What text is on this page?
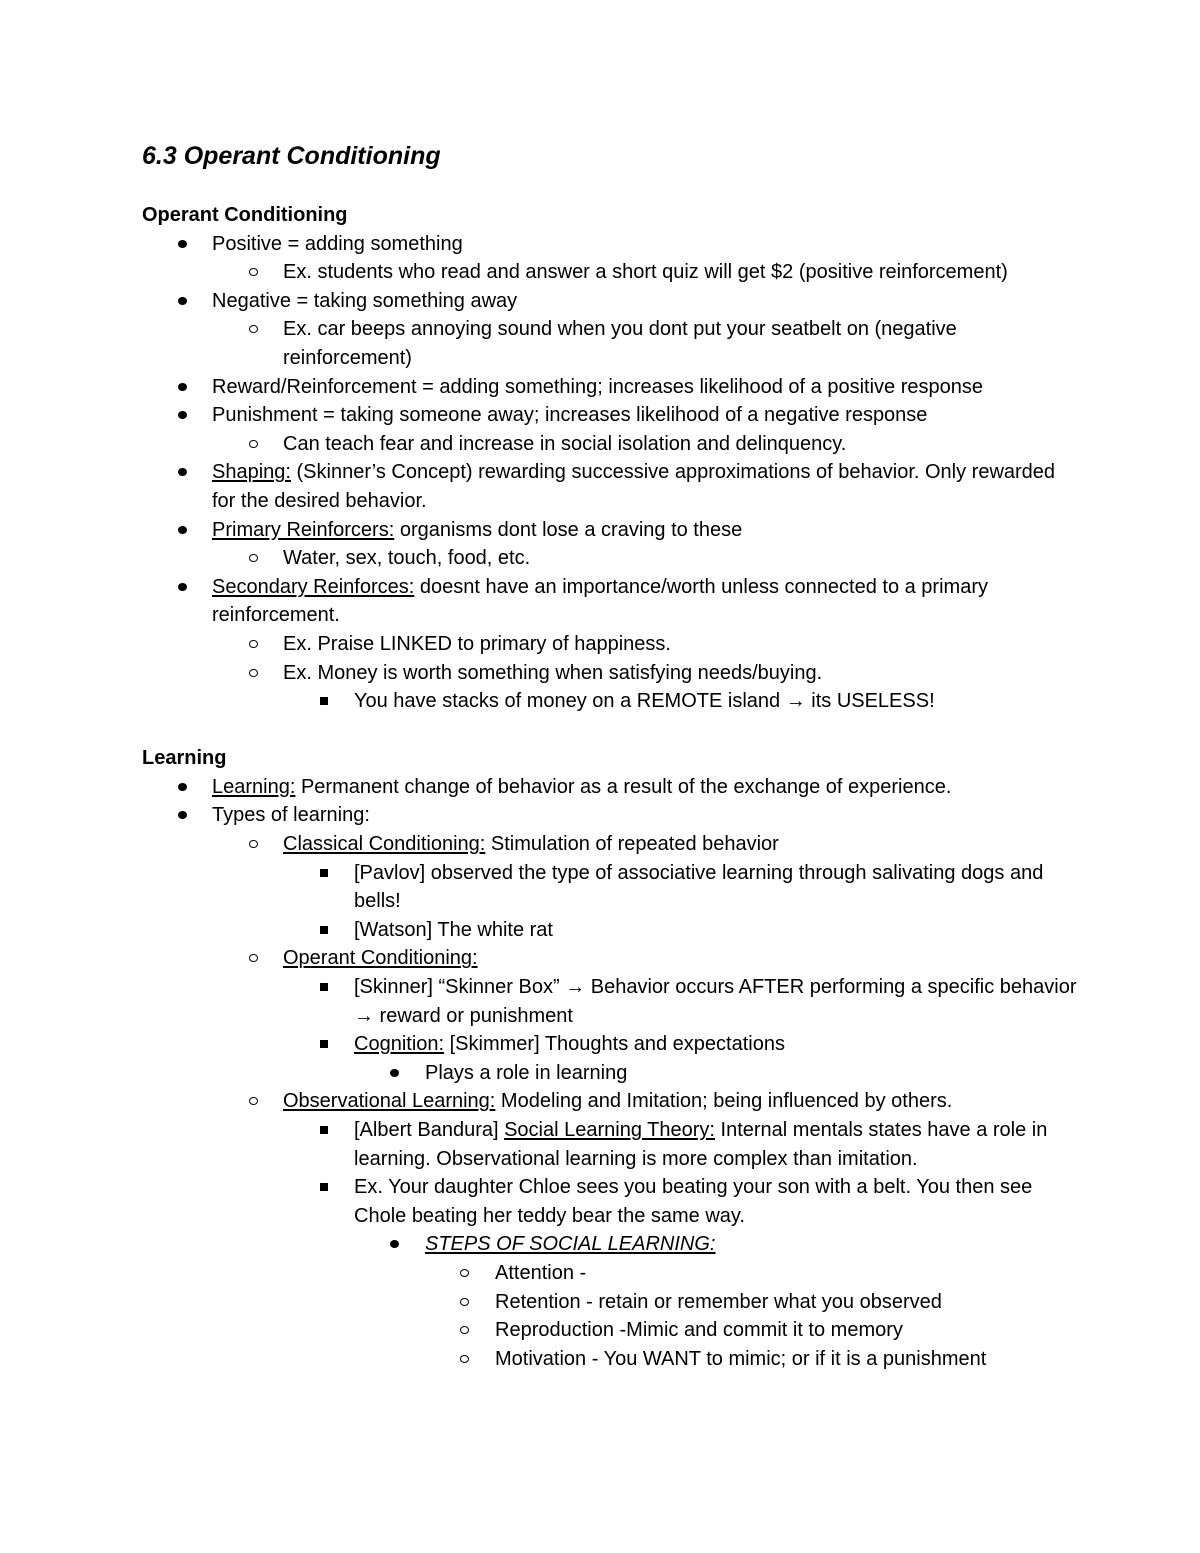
6.3 Operant Conditioning
Operant Conditioning
Positive = adding something
Ex. students who read and answer a short quiz will get $2 (positive reinforcement)
Negative = taking something away
Ex. car beeps annoying sound when you dont put your seatbelt on (negative reinforcement)
Reward/Reinforcement = adding something; increases likelihood of a positive response
Punishment = taking someone away; increases likelihood of a negative response
Can teach fear and increase in social isolation and delinquency.
Shaping: (Skinner’s Concept) rewarding successive approximations of behavior. Only rewarded for the desired behavior.
Primary Reinforcers: organisms dont lose a craving to these
Water, sex, touch, food, etc.
Secondary Reinforces: doesnt have an importance/worth unless connected to a primary reinforcement.
Ex. Praise LINKED to primary of happiness.
Ex. Money is worth something when satisfying needs/buying.
You have stacks of money on a REMOTE island → its USELESS!
Learning
Learning: Permanent change of behavior as a result of the exchange of experience.
Types of learning:
Classical Conditioning: Stimulation of repeated behavior
[Pavlov] observed the type of associative learning through salivating dogs and bells!
[Watson] The white rat
Operant Conditioning:
[Skinner] “Skinner Box” → Behavior occurs AFTER performing a specific behavior → reward or punishment
Cognition: [Skimmer] Thoughts and expectations
Plays a role in learning
Observational Learning: Modeling and Imitation; being influenced by others.
[Albert Bandura] Social Learning Theory: Internal mentals states have a role in learning. Observational learning is more complex than imitation.
Ex. Your daughter Chloe sees you beating your son with a belt. You then see Chole beating her teddy bear the same way.
STEPS OF SOCIAL LEARNING:
Attention -
Retention - retain or remember what you observed
Reproduction -Mimic and commit it to memory
Motivation - You WANT to mimic; or if it is a punishment
